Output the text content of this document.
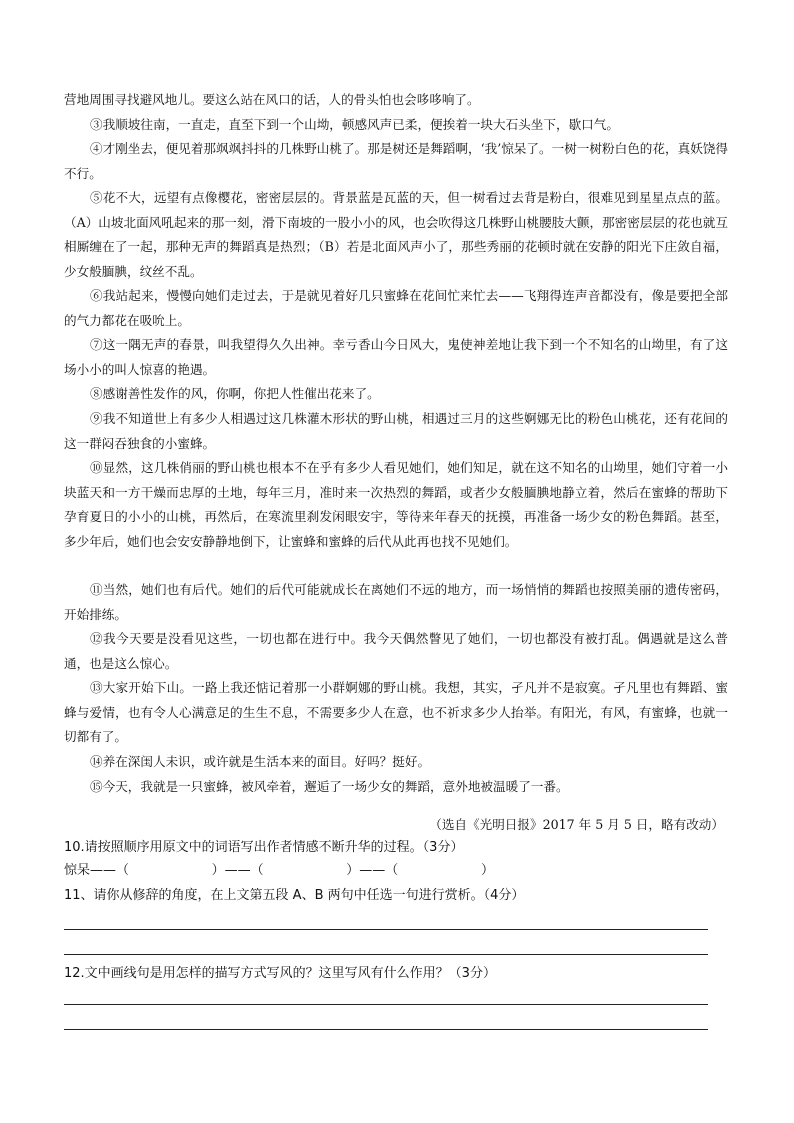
营地周围寻找避风地儿。要这么站在风口的话，人的骨头怕也会哆哆响了。

③我顺坡往南，一直走，直至下到一个山坳，顿感风声已柔，便挨着一块大石头坐下，歇口气。

④才刚坐去，便见着那飒飒抖抖的几株野山桃了。那是树还是舞蹈啊，‘我’惊呆了。一树一树粉白色的花，真妖饶得不行。

⑤花不大，远望有点像樱花，密密层层的。背景蓝是瓦蓝的天，但一树看过去背是粉白，很难见到星星点点的蓝。（A）山坡北面风吼起来的那一刻，滑下南坡的一股小小的风，也会吹得这几株野山桃腰肢大颤，那密密层层的花也就互相厮缠在了一起，那种无声的舞蹈真是热烈；（B）若是北面风声小了，那些秀丽的花顿时就在安静的阳光下庄敛自福，少女般腼腆，纹丝不乱。

⑥我站起来，慢慢向她们走过去，于是就见着好几只蜜蜂在花间忙来忙去——飞翔得连声音都没有，像是要把全部的气力都花在吸吮上。

⑦这一隅无声的春景，叫我望得久久出神。幸亏香山今日风大，鬼使神差地让我下到一个不知名的山坳里，有了这场小小的叫人惊喜的艳遇。

⑧感谢善性发作的风，你啊，你把人性催出花来了。

⑨我不知道世上有多少人相遇过这几株灌木形状的野山桃，相遇过三月的这些婀娜无比的粉色山桃花，还有花间的这一群闷吞独食的小蜜蜂。

⑩显然，这几株俏丽的野山桃也根本不在乎有多少人看见她们，她们知足，就在这不知名的山坳里，她们守着一小块蓝天和一方干燥而忠厚的土地，每年三月，准时来一次热烈的舞蹈，或者少女般腼腆地静立着，然后在蜜蜂的帮助下孕育夏日的小小的山桃，再然后，在寒流里刹发闲眼安宇，等待来年春天的抚摸，再准备一场少女的粉色舞蹈。甚至，多少年后，她们也会安安静静地倒下，让蜜蜂和蜜蜂的后代从此再也找不见她们。

⑪当然，她们也有后代。她们的后代可能就成长在离她们不远的地方，而一场悄悄的舞蹈也按照美丽的遗传密码，开始排练。

⑫我今天要是没看见这些，一切也都在进行中。我今天偶然瞥见了她们，一切也都没有被打乱。偶遇就是这么普通，也是这么惊心。

⑬大家开始下山。一路上我还惦记着那一小群婀娜的野山桃。我想，其实，孑凡并不是寂寞。孑凡里也有舞蹈、蜜蜂与爱情，也有令人心满意足的生生不息，不需要多少人在意，也不祈求多少人抬举。有阳光，有风，有蜜蜂，也就一切都有了。

⑭养在深闺人未识，或许就是生活本来的面目。好吗？挺好。

⑮今天，我就是一只蜜蜂，被风牵着，邂逅了一场少女的舞蹈，意外地被温暖了一番。

（选自《光明日报》2017 年 5 月 5 日，略有改动）
10.请按照顺序用原文中的词语写出作者情感不断升华的过程。（3分）
惊呆——（                    ）——（                    ）——（                    ）
11、请你从修辞的角度，在上文第五段 A、B 两句中任选一句进行赏析。（4分）
12.文中画线句是用怎样的描写方式写风的？这里写风有什么作用？（3分）
